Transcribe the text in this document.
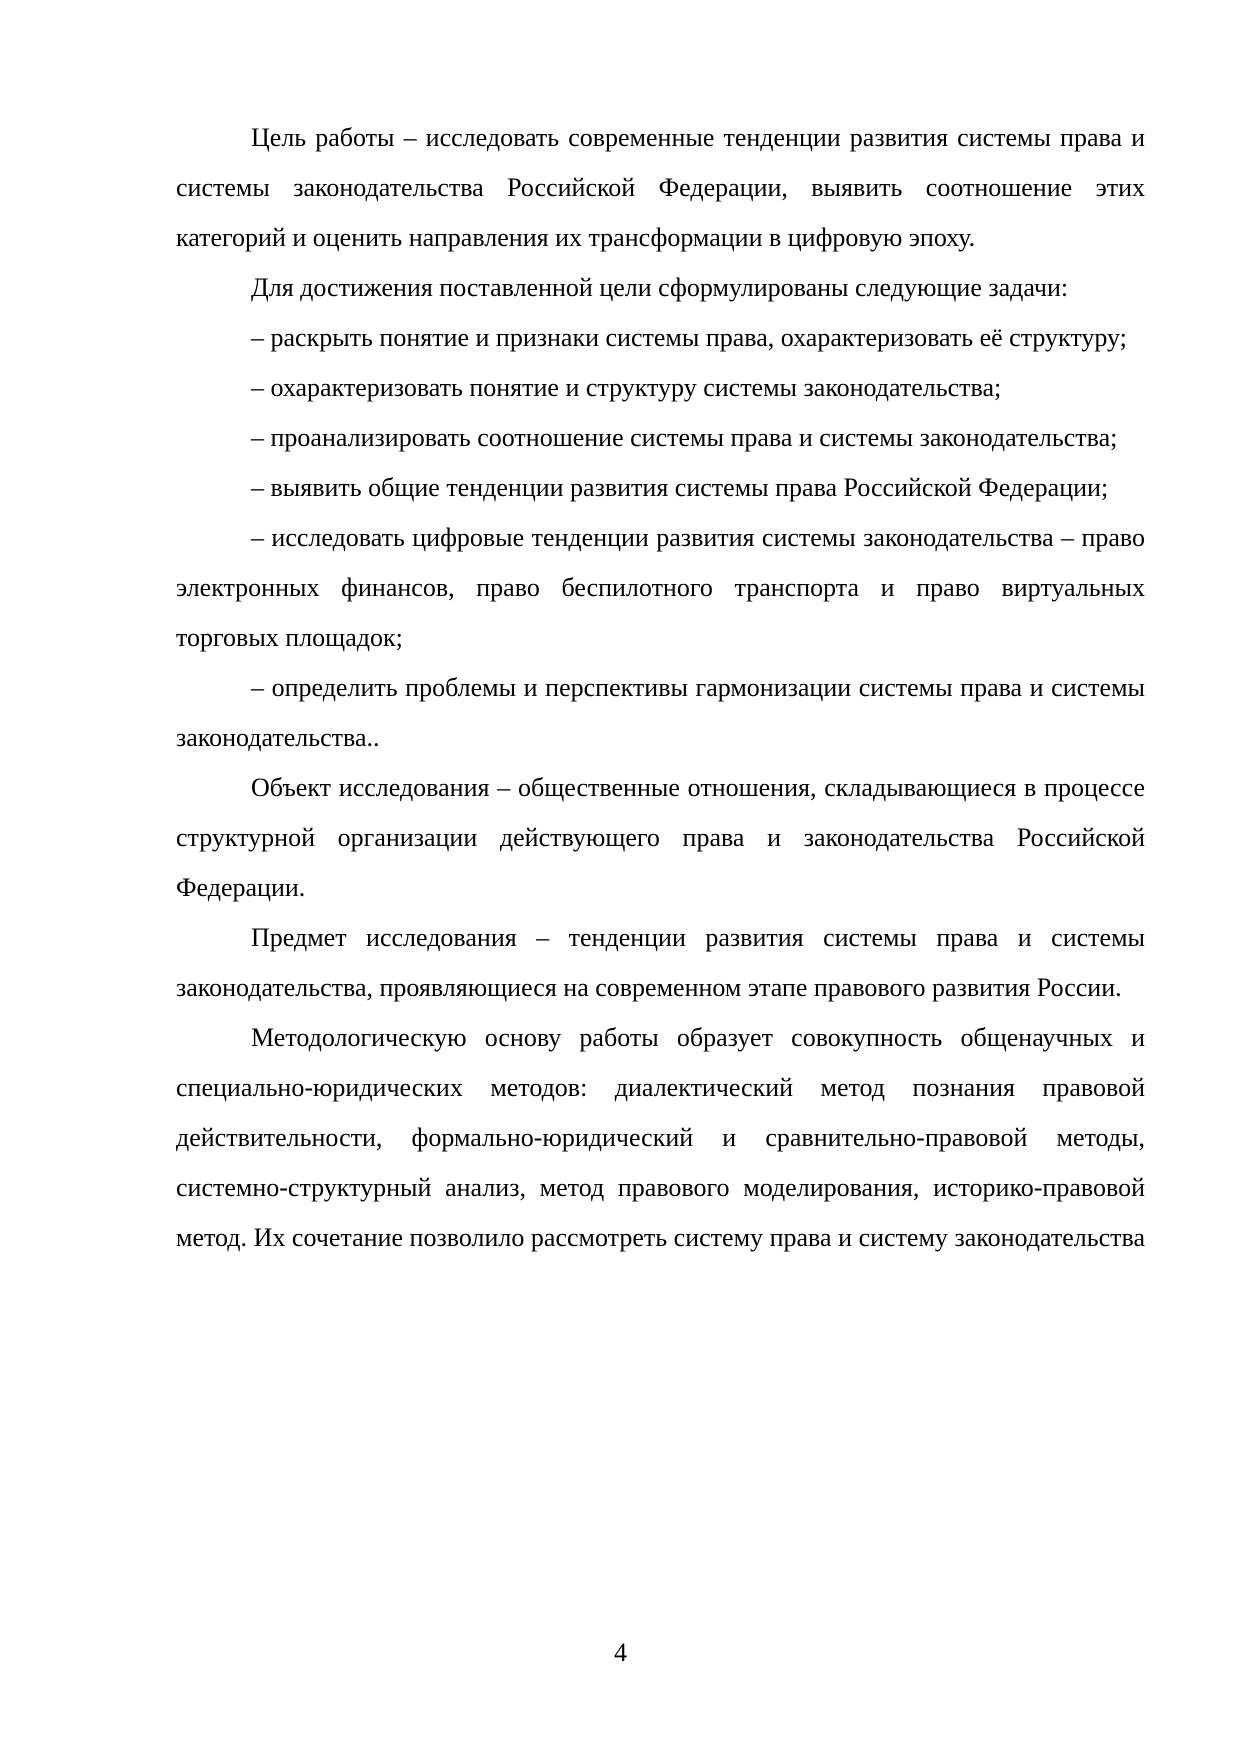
Цель работы – исследовать современные тенденции развития системы права и системы законодательства Российской Федерации, выявить соотношение этих категорий и оценить направления их трансформации в цифровую эпоху.

Для достижения поставленной цели сформулированы следующие задачи:

– раскрыть понятие и признаки системы права, охарактеризовать её структуру;

– охарактеризовать понятие и структуру системы законодательства;

– проанализировать соотношение системы права и системы законодательства;

– выявить общие тенденции развития системы права Российской Федерации;

– исследовать цифровые тенденции развития системы законодательства – право электронных финансов, право беспилотного транспорта и право виртуальных торговых площадок;

– определить проблемы и перспективы гармонизации системы права и системы законодательства..

Объект исследования – общественные отношения, складывающиеся в процессе структурной организации действующего права и законодательства Российской Федерации.

Предмет исследования – тенденции развития системы права и системы законодательства, проявляющиеся на современном этапе правового развития России.

Методологическую основу работы образует совокупность общенаучных и специально-юридических методов: диалектический метод познания правовой действительности, формально-юридический и сравнительно-правовой методы, системно-структурный анализ, метод правового моделирования, историко-правовой метод. Их сочетание позволило рассмотреть систему права и систему законодательства

4
